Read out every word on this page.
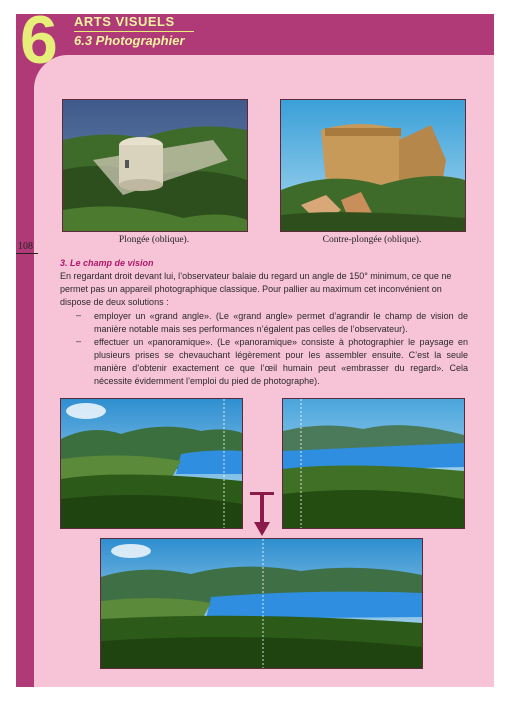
6 ARTS VISUELS
6.3 Photographier
108
Plongée (oblique).	Contre-plongée (oblique).
3. Le champ de vision
En regardant droit devant lui, l’observateur balaie du regard un angle de 150° minimum, ce que ne permet pas un appareil photographique classique. Pour pallier au maximum cet inconvénient on dispose de deux solutions :
– employer un «grand angle». (Le «grand angle» permet d’agrandir le champ de vision de manière notable mais ses performances n’égalent pas celles de l’observateur).
– effectuer un «panoramique». (Le «panoramique» consiste à photographier le paysage en plusieurs prises se chevauchant légèrement pour les assembler ensuite. C’est la seule manière d’obtenir exactement ce que l’œil humain peut «embrasser du regard». Cela nécessite évidemment l’emploi du pied de photographe).
